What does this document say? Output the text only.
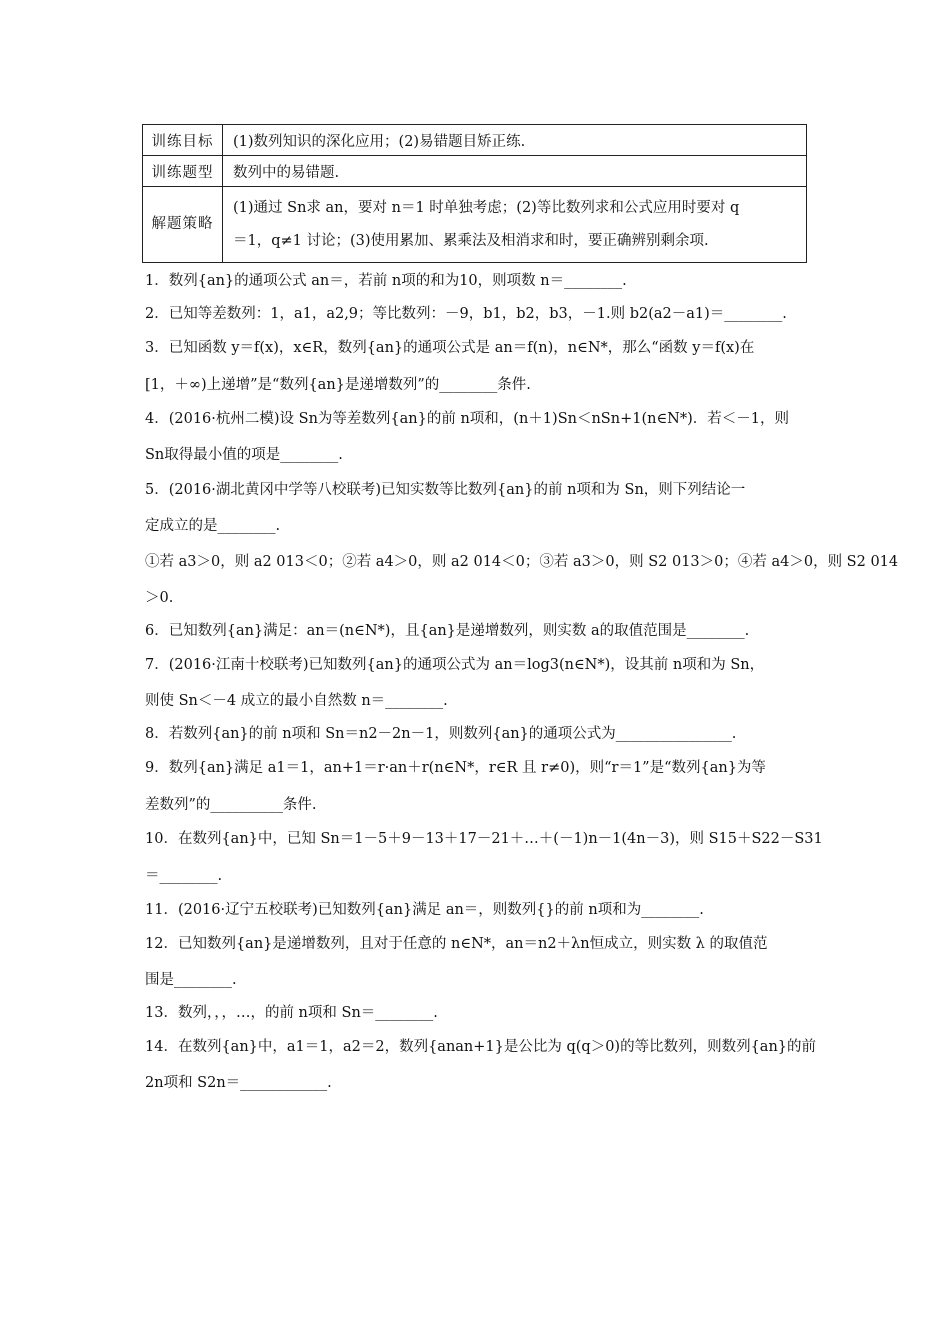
训练目标	(1)数列知识的深化应用；(2)易错题目矫正练.
训练题型	数列中的易错题.
解题策略	(1)通过 Sn求 an，要对 n＝1 时单独考虑；(2)等比数列求和公式应用时要对 q
＝1，q≠1 讨论；(3)使用累加、累乘法及相消求和时，要正确辨别剩余项.
1．数列{an}的通项公式 an＝，若前 n项的和为10，则项数 n＝________.
2．已知等差数列：1，a1，a2,9；等比数列：－9，b1，b2，b3，－1.则 b2(a2－a1)＝________.
3．已知函数 y＝f(x)，x∈R，数列{an}的通项公式是 an＝f(n)，n∈N*，那么“函数 y＝f(x)在
[1，＋∞)上递增”是“数列{an}是递增数列”的________条件.
4．(2016·杭州二模)设 Sn为等差数列{an}的前 n项和，(n＋1)Sn＜nSn+1(n∈N*)．若＜－1，则
Sn取得最小值的项是________.
5．(2016·湖北黄冈中学等八校联考)已知实数等比数列{an}的前 n项和为 Sn，则下列结论一
定成立的是________.
①若 a3＞0，则 a2 013＜0；②若 a4＞0，则 a2 014＜0；③若 a3＞0，则 S2 013＞0；④若 a4＞0，则 S2 014
＞0.
6．已知数列{an}满足：an＝(n∈N*)，且{an}是递增数列，则实数 a的取值范围是________.
7．(2016·江南十校联考)已知数列{an}的通项公式为 an＝log3(n∈N*)，设其前 n项和为 Sn，
则使 Sn＜－4 成立的最小自然数 n＝________.
8．若数列{an}的前 n项和 Sn＝n2－2n－1，则数列{an}的通项公式为________________.
9．数列{an}满足 a1＝1，an+1＝r·an＋r(n∈N*，r∈R 且 r≠0)，则“r＝1”是“数列{an}为等
差数列”的__________条件.
10．在数列{an}中，已知 Sn＝1－5＋9－13＋17－21＋…＋(－1)n－1(4n－3)，则 S15＋S22－S31
＝________.
11．(2016·辽宁五校联考)已知数列{an}满足 an＝，则数列{}的前 n项和为________.
12．已知数列{an}是递增数列，且对于任意的 n∈N*，an＝n2＋λn恒成立，则实数 λ 的取值范
围是________.
13．数列，，，…，的前 n项和 Sn＝________.
14．在数列{an}中，a1＝1，a2＝2，数列{anan+1}是公比为 q(q＞0)的等比数列，则数列{an}的前
2n项和 S2n＝____________.
